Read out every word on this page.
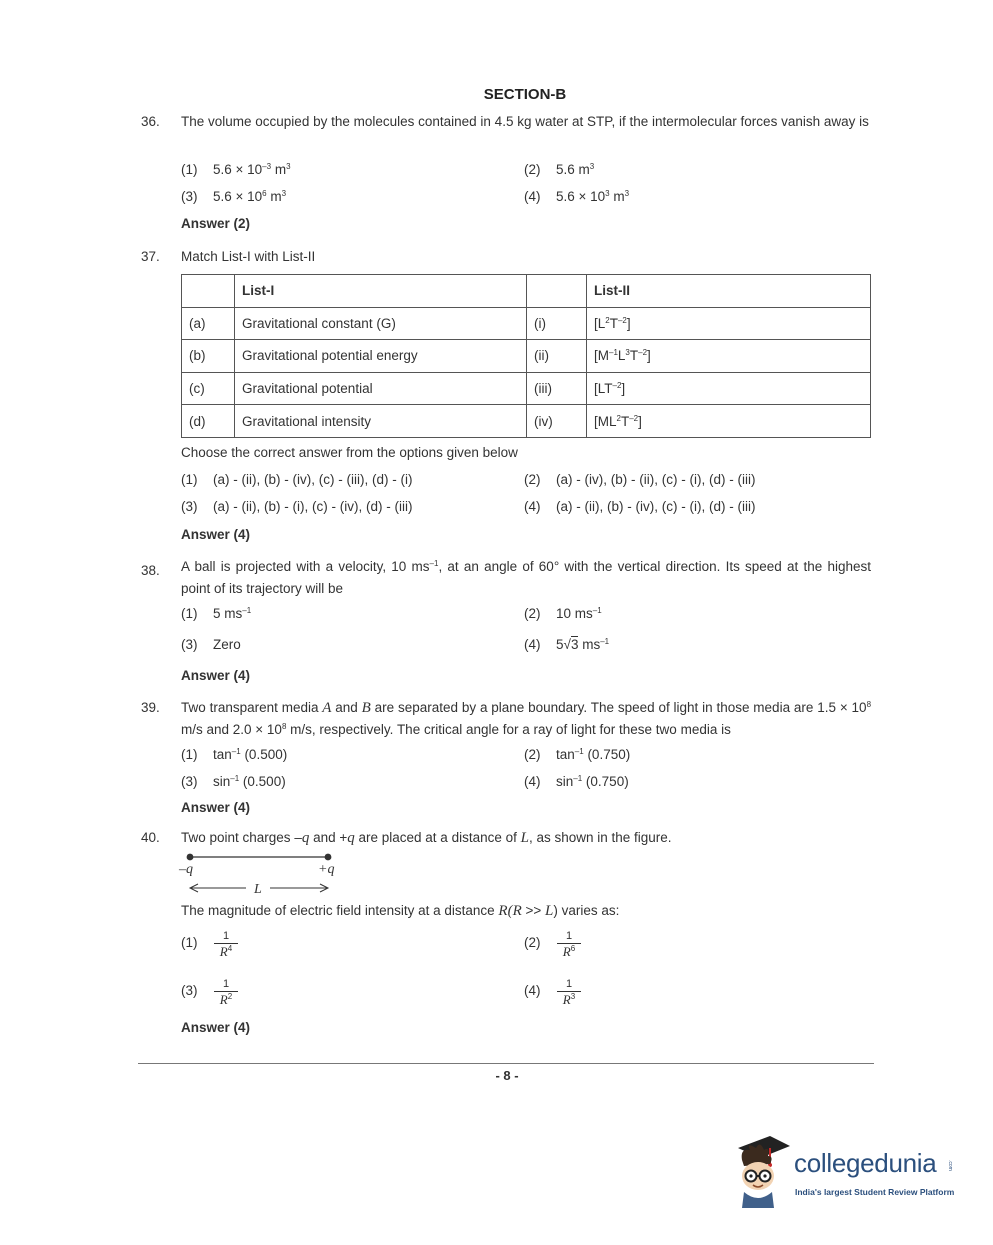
SECTION-B
36. The volume occupied by the molecules contained in 4.5 kg water at STP, if the intermolecular forces vanish away is
(1) $5.6 \times 10^{-3}$ $m^3$	(2) 5.6 $m^3$
(3) $5.6 \times 10^6$ $m^3$	(4) $5.6 \times 10^3$ $m^3$
Answer (2)
37. Match List-I with List-II
	List-I		List-II
(a)	Gravitational constant (G)	(i)	$[L^2T^{-2}]$
(b)	Gravitational potential energy	(ii)	$[M^{-1}L^3T^{-2}]$
(c)	Gravitational potential	(iii)	$[LT^{-2}]$
(d)	Gravitational intensity	(iv)	$[ML^2T^{-2}]$
Choose the correct answer from the options given below
(1) (a) - (ii), (b) - (iv), (c) - (iii), (d) - (i)	(2) (a) - (iv), (b) - (ii), (c) - (i), (d) - (iii)
(3) (a) - (ii), (b) - (i), (c) - (iv), (d) - (iii)	(4) (a) - (ii), (b) - (iv), (c) - (i), (d) - (iii)
Answer (4)
38. A ball is projected with a velocity, 10 $ms^{-1}$, at an angle of 60° with the vertical direction. Its speed at the highest point of its trajectory will be
(1) 5 $ms^{-1}$	(2) 10 $ms^{-1}$
(3) Zero	(4) 5√3 $ms^{-1}$
Answer (4)
39. Two transparent media A and B are separated by a plane boundary. The speed of light in those media are $1.5 \times 10^8$ m/s and $2.0 \times 10^8$ m/s, respectively. The critical angle for a ray of light for these two media is
(1) $\tan^{-1} (0.500)$	(2) $\tan^{-1} (0.750)$
(3) $\sin^{-1} (0.500)$	(4) $\sin^{-1} (0.750)$
Answer (4)
40. Two point charges –q and +q are placed at a distance of L, as shown in the figure.
–q	+q
L
The magnitude of electric field intensity at a distance R(R >> L) varies as:
(1)	1
$R^4$	(2)	1
$R^6$
(3)	1
$R^2$	(4)	1
$R^3$
Answer (4)
- 8 -
collegedunia .com
India's largest Student Review Platform
